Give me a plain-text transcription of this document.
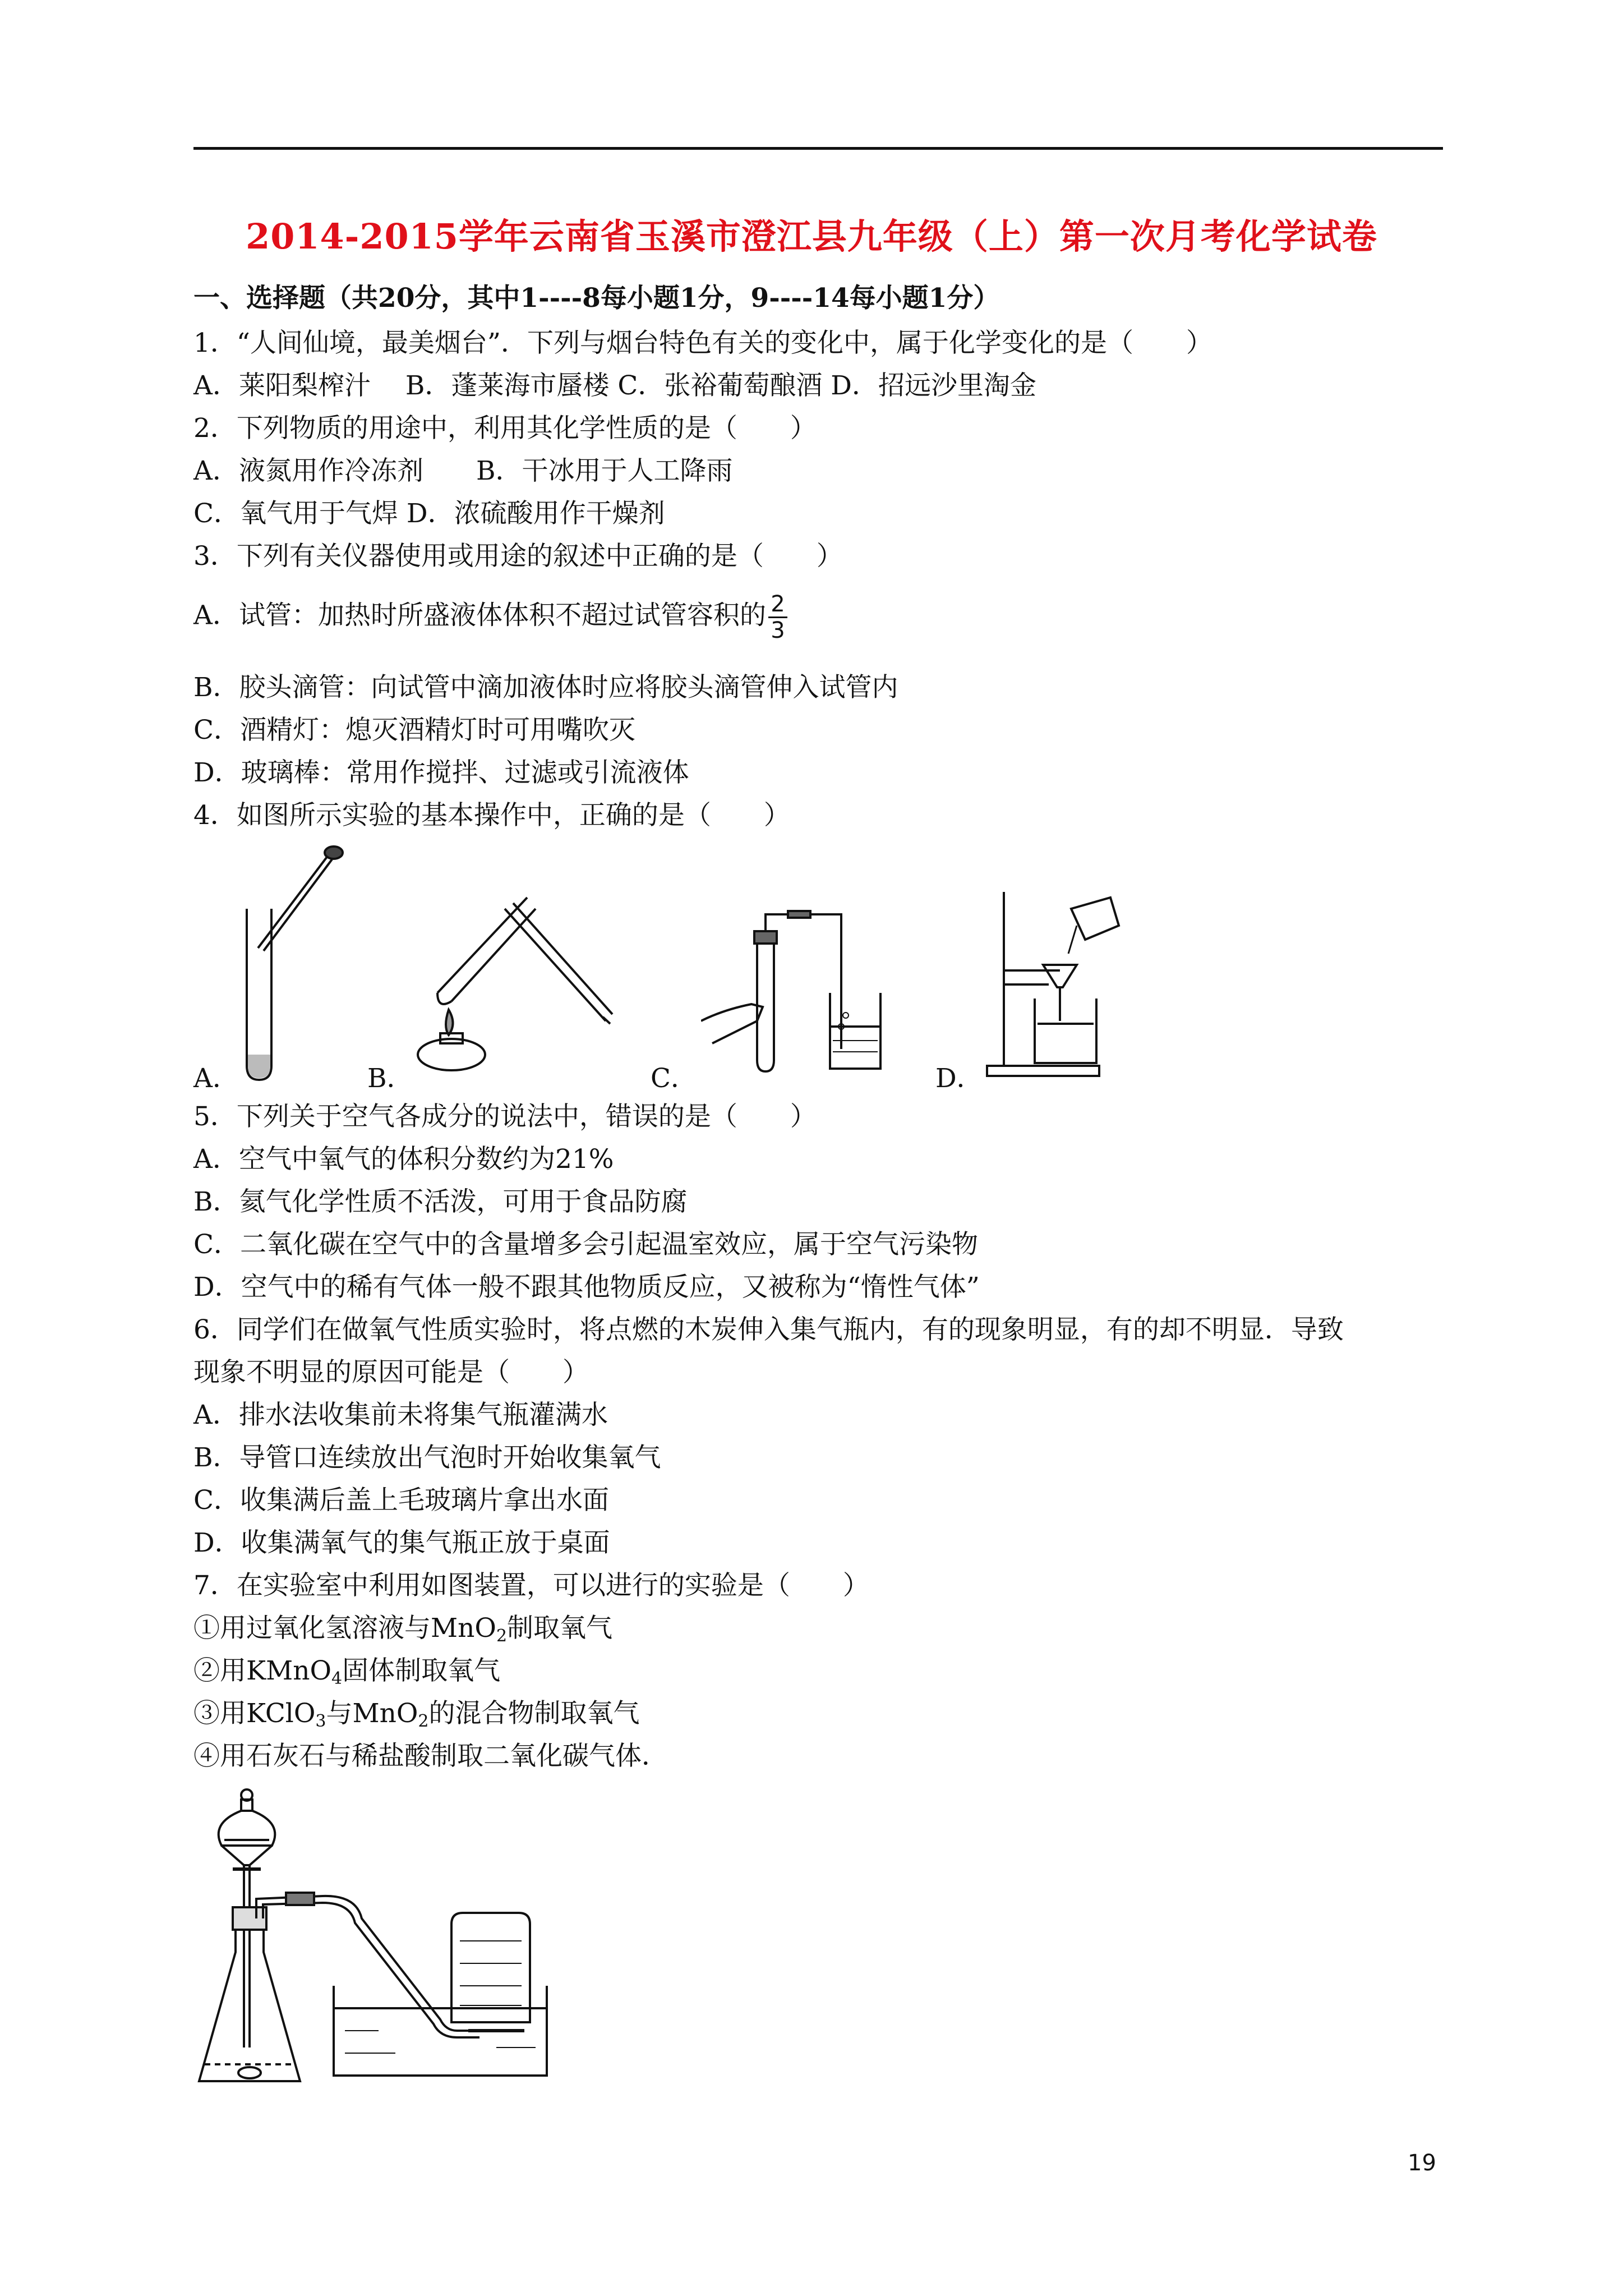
2014-2015学年云南省玉溪市澄江县九年级（上）第一次月考化学试卷
一、选择题（共20分，其中1----8每小题1分，9----14每小题1分）
1．“人间仙境，最美烟台”．下列与烟台特色有关的变化中，属于化学变化的是（　　）
A．莱阳梨榨汁　 B．蓬莱海市蜃楼 C．张裕葡萄酿酒 D．招远沙里淘金
2．下列物质的用途中，利用其化学性质的是（　　）
A．液氮用作冷冻剂　　B．干冰用于人工降雨
C．氧气用于气焊 D．浓硫酸用作干燥剂
3．下列有关仪器使用或用途的叙述中正确的是（　　）
A．试管：加热时所盛液体体积不超过试管容积的 $\frac{2}{3}$
B．胶头滴管：向试管中滴加液体时应将胶头滴管伸入试管内
C．酒精灯：熄灭酒精灯时可用嘴吹灭
D．玻璃棒：常用作搅拌、过滤或引流液体
4．如图所示实验的基本操作中，正确的是（　　）
A．	B．	C．	D．
5．下列关于空气各成分的说法中，错误的是（　　）
A．空气中氧气的体积分数约为21%
B．氦气化学性质不活泼，可用于食品防腐
C．二氧化碳在空气中的含量增多会引起温室效应，属于空气污染物
D．空气中的稀有气体一般不跟其他物质反应，又被称为“惰性气体”
6．同学们在做氧气性质实验时，将点燃的木炭伸入集气瓶内，有的现象明显，有的却不明显．导致
现象不明显的原因可能是（　　）
A．排水法收集前未将集气瓶灌满水
B．导管口连续放出气泡时开始收集氧气
C．收集满后盖上毛玻璃片拿出水面
D．收集满氧气的集气瓶正放于桌面
7．在实验室中利用如图装置，可以进行的实验是（　　）
①用过氧化氢溶液与MnO$_2$制取氧气
②用KMnO$_4$固体制取氧气
③用KClO$_3$与MnO$_2$的混合物制取氧气
④用石灰石与稀盐酸制取二氧化碳气体．
19
